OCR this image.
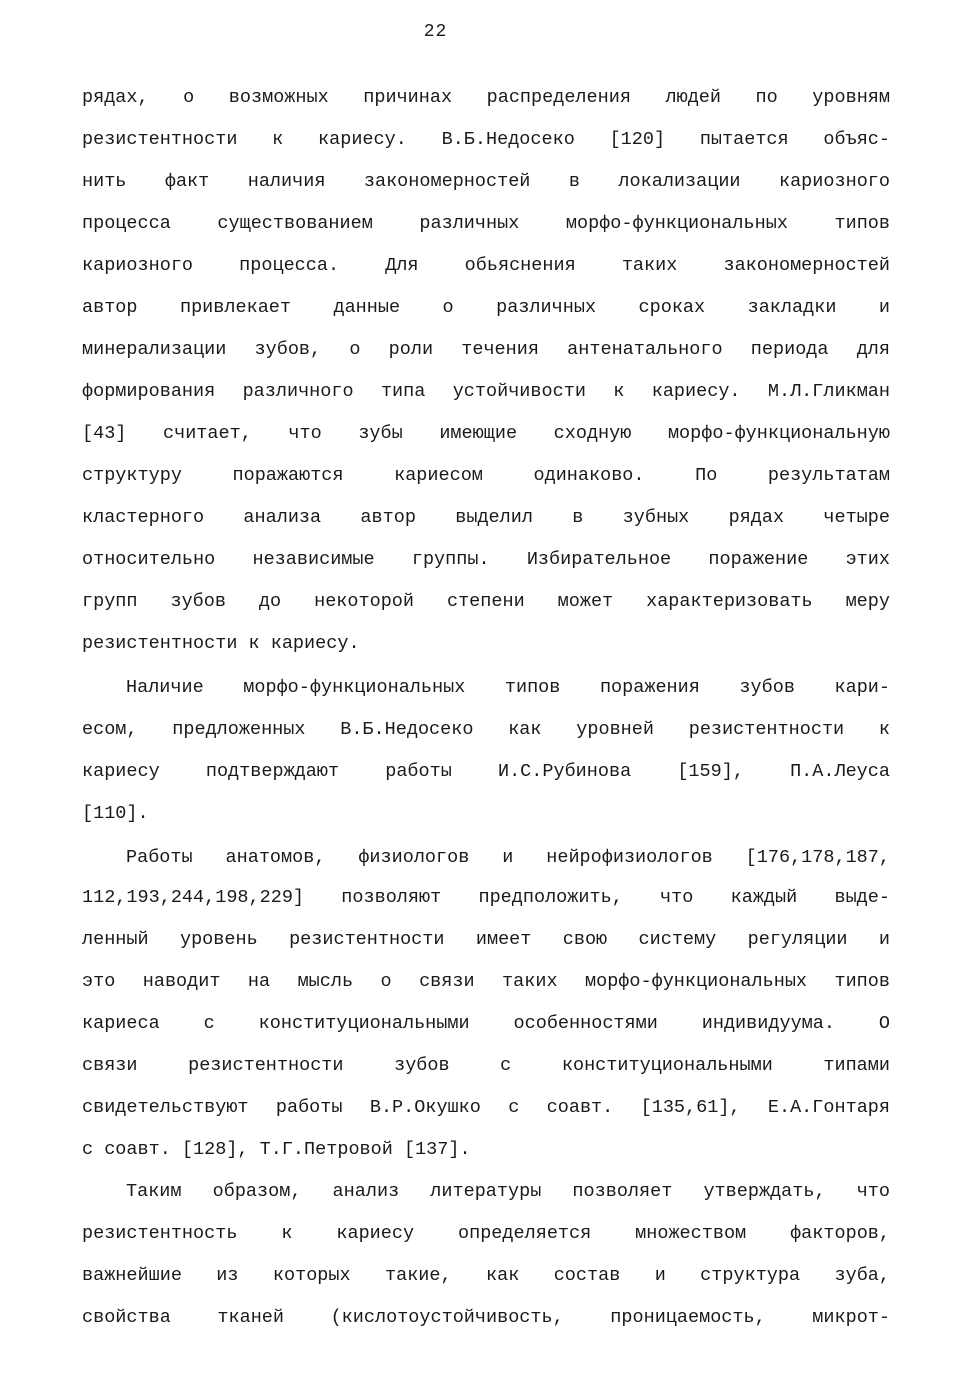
22
рядах, о возможных причинах распределения людей по уровням
резистентности к кариесу. В.Б.Недосеко [120] пытается объяс-
нить факт наличия закономерностей в локализации кариозного
процесса существованием различных морфо-функциональных типов
кариозного процесса. Для обьяснения таких закономерностей
автор привлекает данные о различных сроках закладки и
минерализации зубов, о роли течения антенатального периода для
формирования различного типа устойчивости к кариесу. М.Л.Гликман
[43] считает, что зубы имеющие сходную морфо-функциональную
структуру поражаются кариесом одинаково. По результатам
кластерного анализа автор выделил в зубных рядах четыре
относительно независимые группы. Избирательное поражение этих
групп зубов до некоторой степени может характеризовать меру
резистентности к кариесу.
Наличие морфо-функциональных типов поражения зубов кари-
есом, предложенных В.Б.Недосеко как уровней резистентности к
кариесу подтверждают работы И.С.Рубинова [159], П.А.Леуса
[110].
Работы анатомов, физиологов и нейрофизиологов [176,178,187,
112,193,244,198,229] позволяют предположить, что каждый выде-
ленный уровень резистентности имеет свою систему регуляции и
это наводит на мысль о связи таких морфо-функциональных типов
кариеса с конституциональными особенностями индивидуума. О
связи резистентности зубов с конституциональными типами
свидетельствуют работы В.Р.Окушко с соавт. [135,61], Е.А.Гонтаря
с соавт. [128], Т.Г.Петровой [137].
Таким образом, анализ литературы позволяет утверждать, что
резистентность к кариесу определяется множеством факторов,
важнейшие из которых такие, как состав и структура зуба,
свойства тканей (кислотоустойчивость, проницаемость, микрот-
